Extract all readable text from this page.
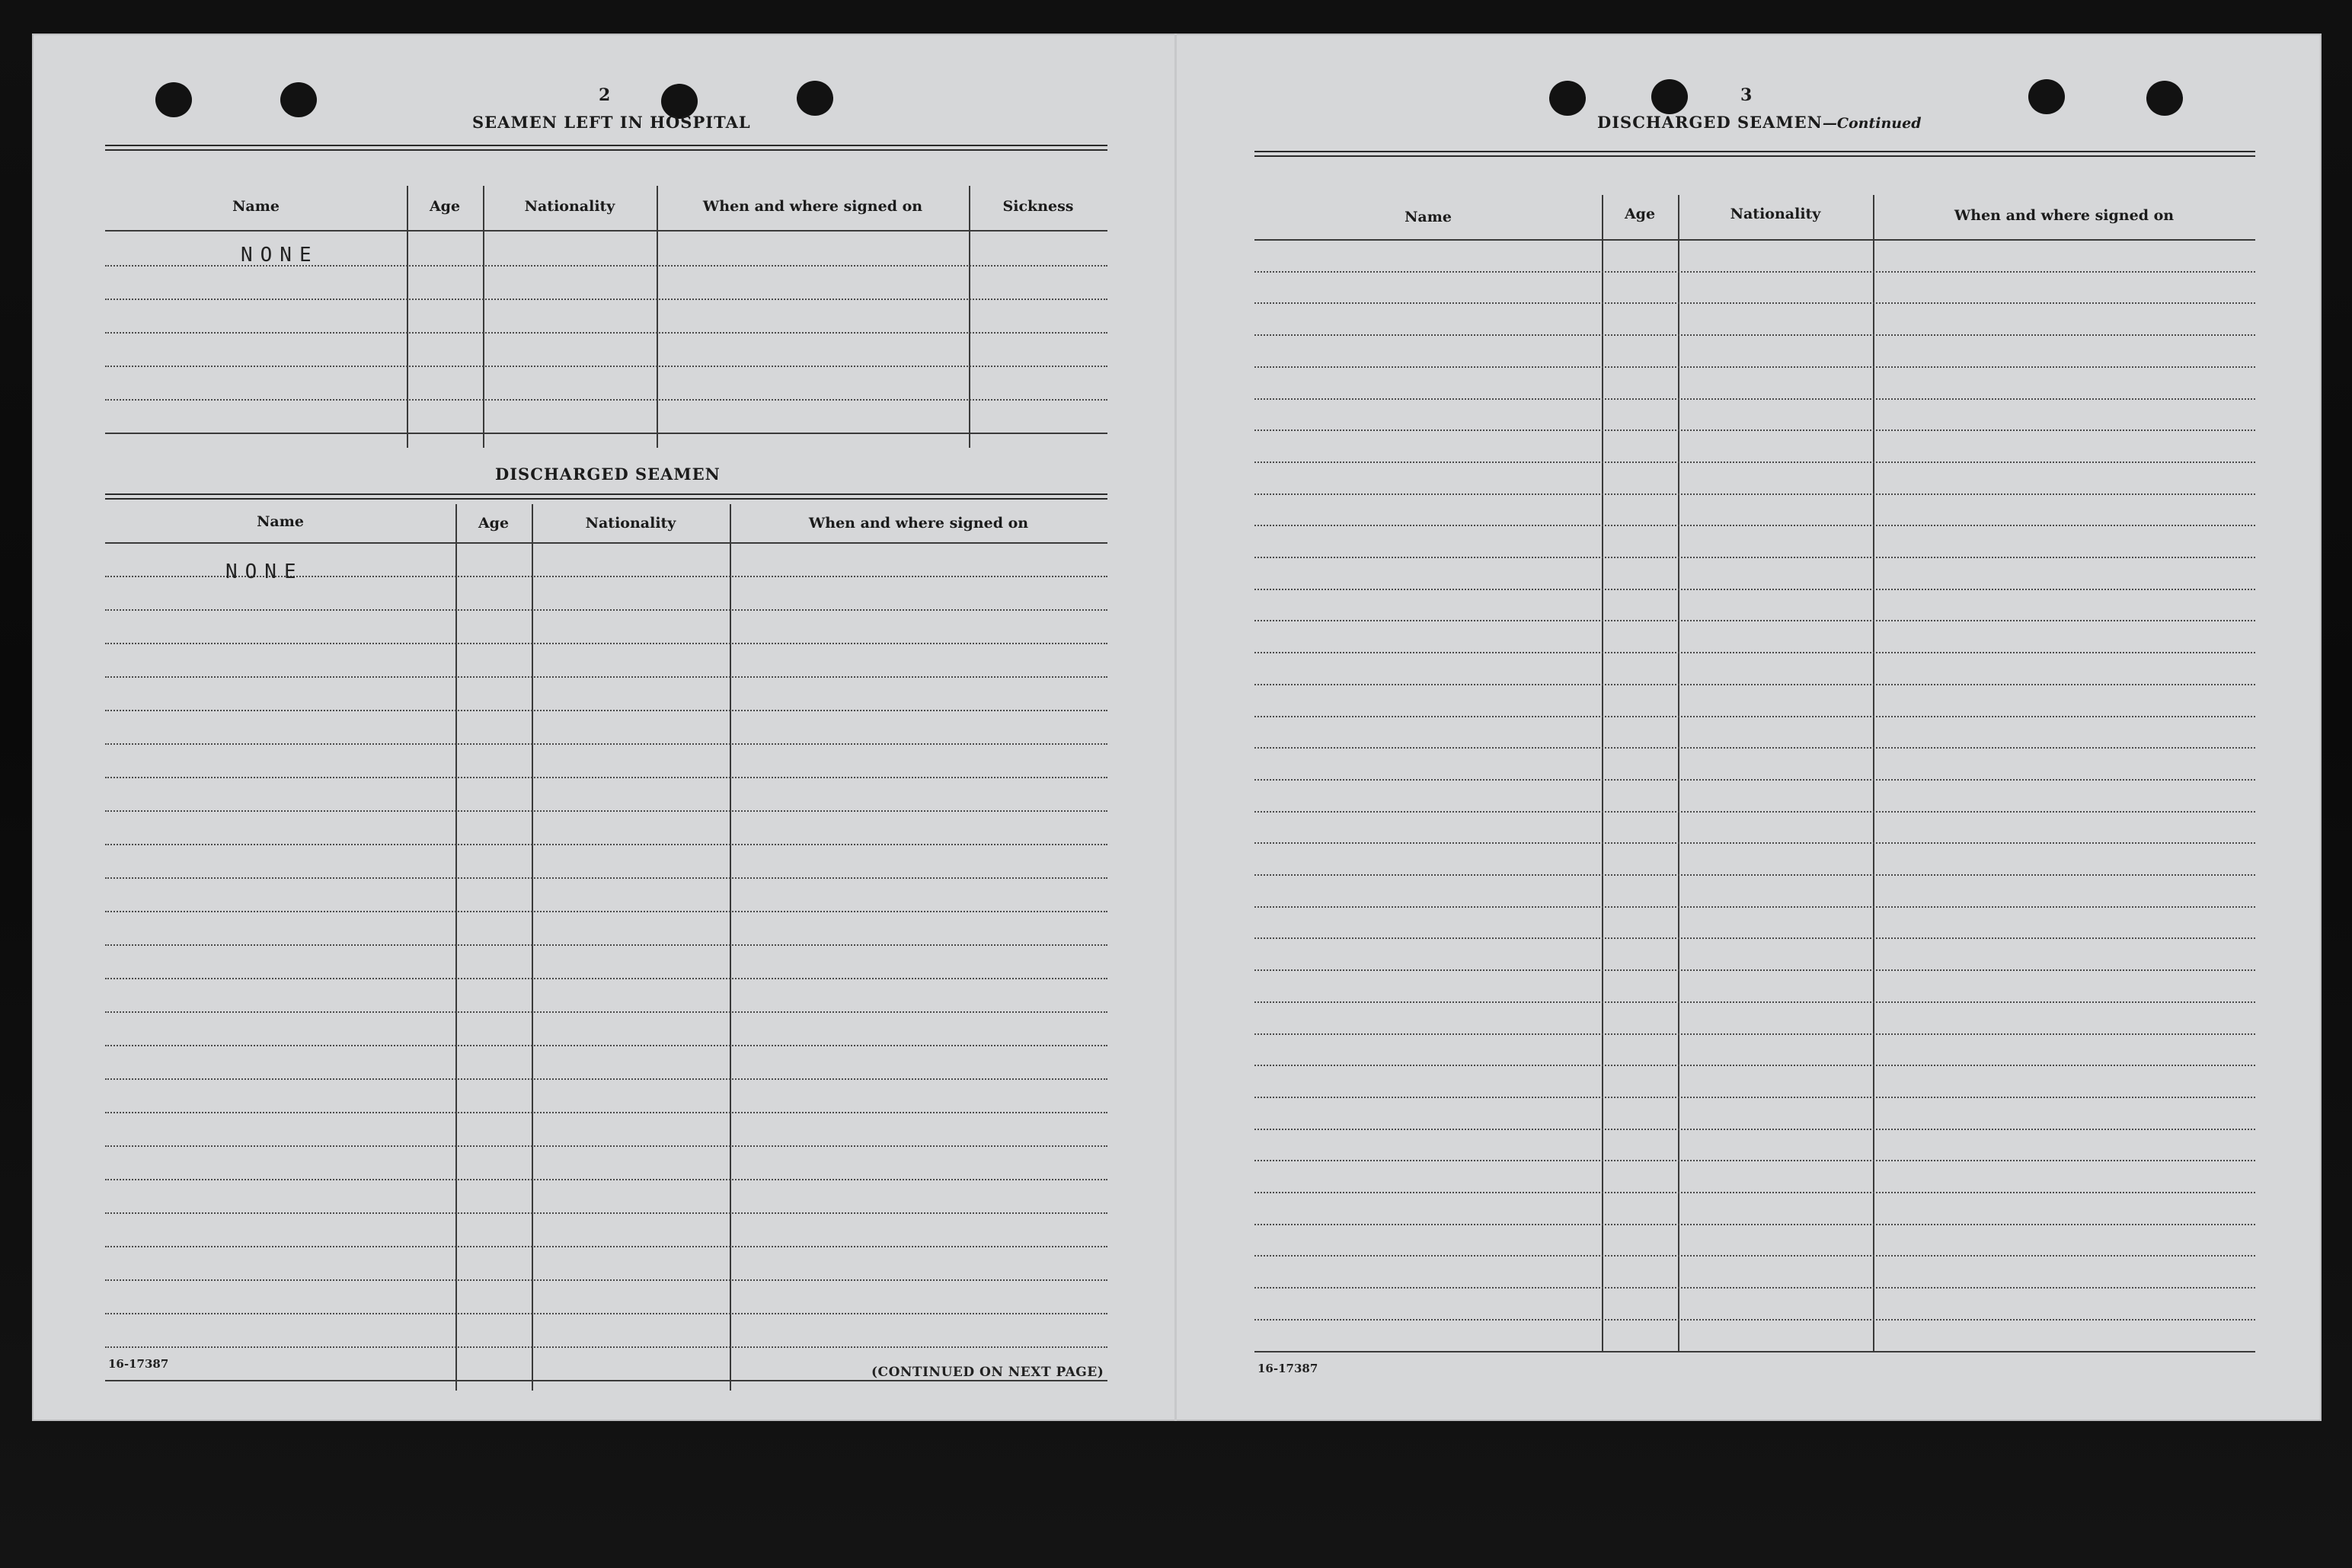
2
SEAMEN LEFT IN HOSPITAL
Name	Age	Nationality	When and where signed on	Sickness
NONE
DISCHARGED SEAMEN
Name	Age	Nationality	When and where signed on
NONE
16-17387
(CONTINUED ON NEXT PAGE)
3
DISCHARGED SEAMEN—Continued
Name	Age	Nationality	When and where signed on
16-17387
